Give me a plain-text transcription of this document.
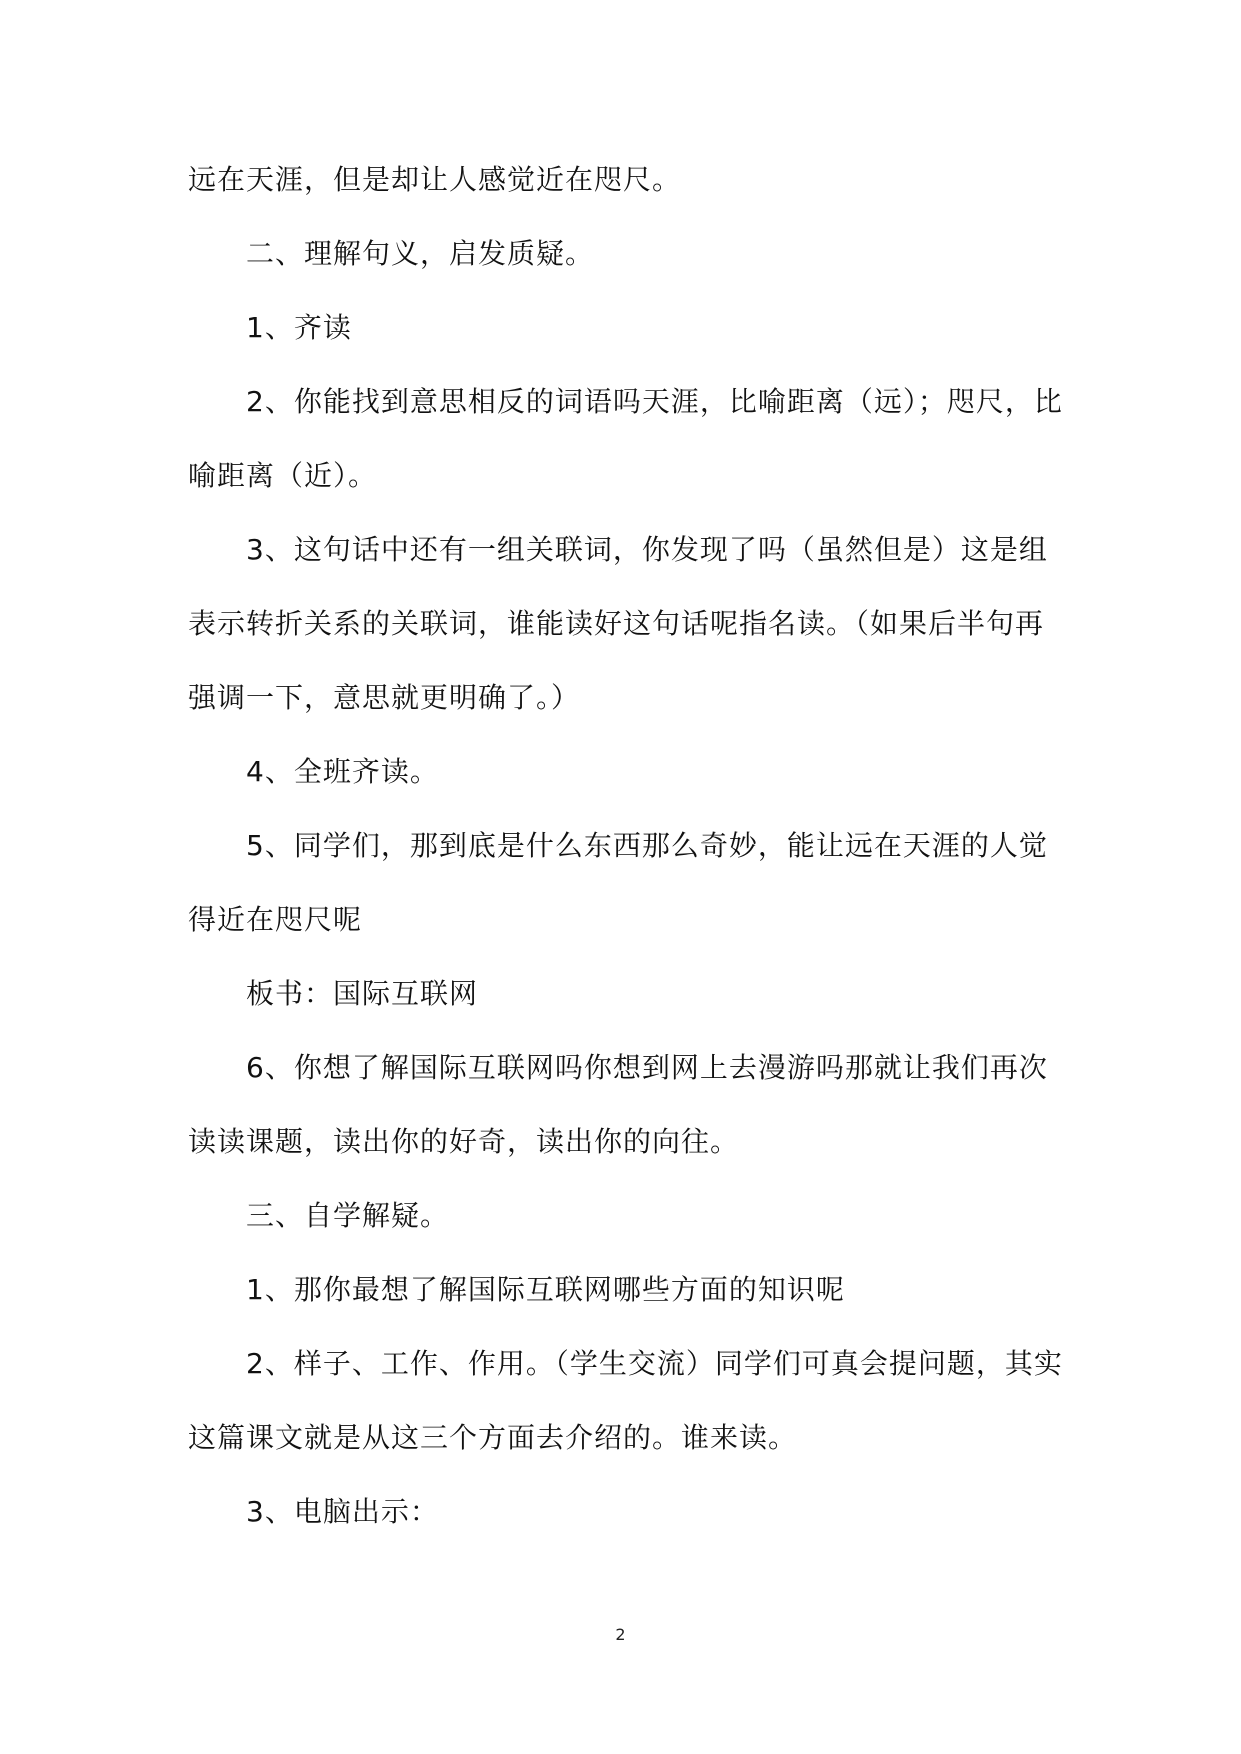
远在天涯，但是却让人感觉近在咫尺。

二、理解句义，启发质疑。

1、齐读

2、你能找到意思相反的词语吗天涯，比喻距离（远）；咫尺，比

喻距离（近）。

3、这句话中还有一组关联词，你发现了吗（虽然但是）这是组

表示转折关系的关联词，谁能读好这句话呢指名读。（如果后半句再

强调一下，意思就更明确了。）

4、全班齐读。

5、同学们，那到底是什么东西那么奇妙，能让远在天涯的人觉

得近在咫尺呢

板书：国际互联网

6、你想了解国际互联网吗你想到网上去漫游吗那就让我们再次

读读课题，读出你的好奇，读出你的向往。

三、自学解疑。

1、那你最想了解国际互联网哪些方面的知识呢

2、样子、工作、作用。（学生交流）同学们可真会提问题，其实

这篇课文就是从这三个方面去介绍的。谁来读。

3、电脑出示：

2
